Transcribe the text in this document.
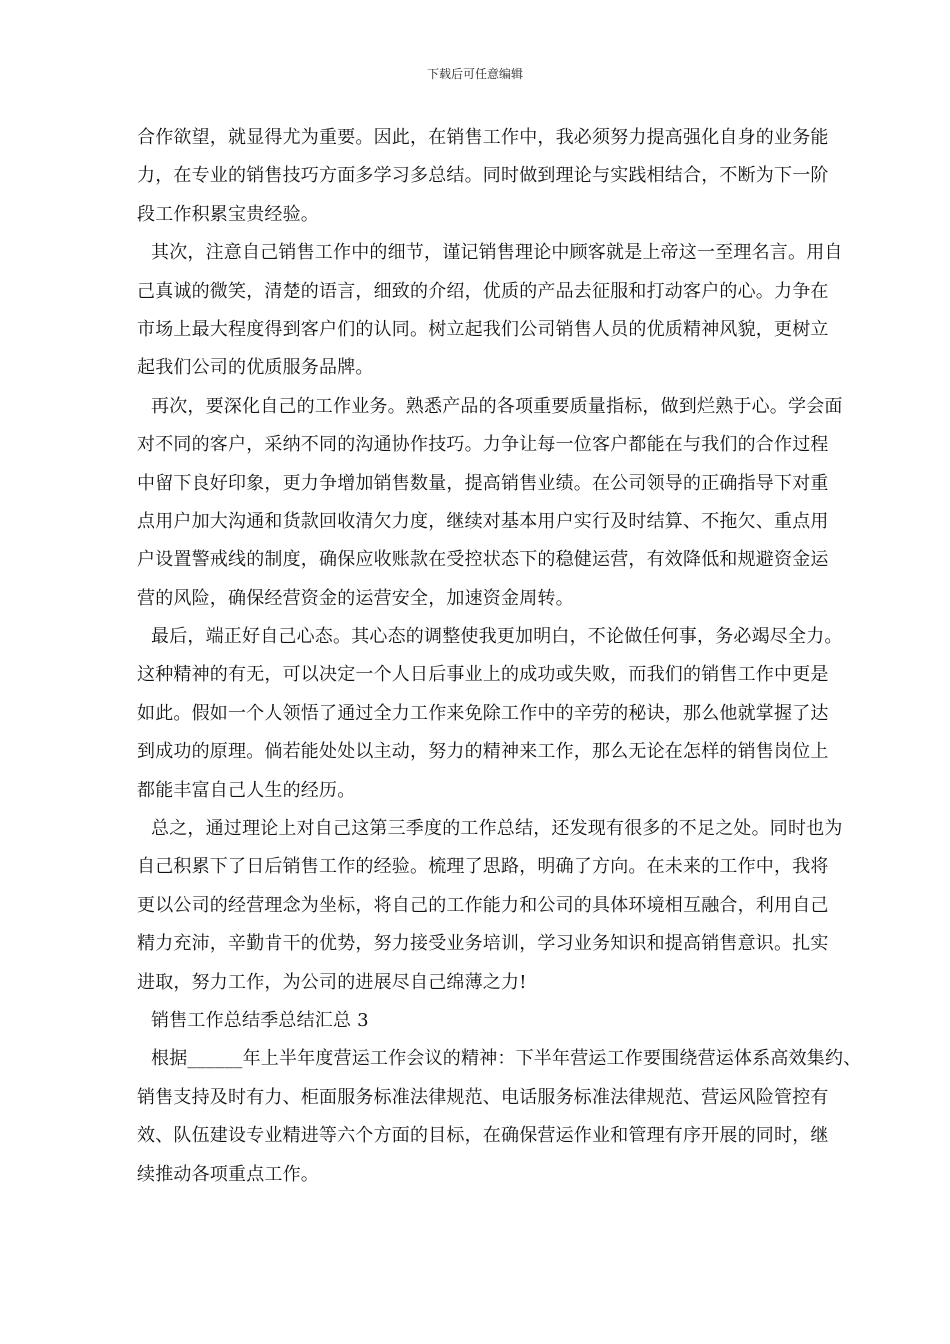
下载后可任意编辑
合作欲望，就显得尤为重要。因此，在销售工作中，我必须努力提高强化自身的业务能
力，在专业的销售技巧方面多学习多总结。同时做到理论与实践相结合，不断为下一阶
段工作积累宝贵经验。
其次，注意自己销售工作中的细节，谨记销售理论中顾客就是上帝这一至理名言。用自
己真诚的微笑，清楚的语言，细致的介绍，优质的产品去征服和打动客户的心。力争在
市场上最大程度得到客户们的认同。树立起我们公司销售人员的优质精神风貌，更树立
起我们公司的优质服务品牌。
再次，要深化自己的工作业务。熟悉产品的各项重要质量指标，做到烂熟于心。学会面
对不同的客户，采纳不同的沟通协作技巧。力争让每一位客户都能在与我们的合作过程
中留下良好印象，更力争增加销售数量，提高销售业绩。在公司领导的正确指导下对重
点用户加大沟通和货款回收清欠力度，继续对基本用户实行及时结算、不拖欠、重点用
户设置警戒线的制度，确保应收账款在受控状态下的稳健运营，有效降低和规避资金运
营的风险，确保经营资金的运营安全，加速资金周转。
最后，端正好自己心态。其心态的调整使我更加明白，不论做任何事，务必竭尽全力。
这种精神的有无，可以决定一个人日后事业上的成功或失败，而我们的销售工作中更是
如此。假如一个人领悟了通过全力工作来免除工作中的辛劳的秘诀，那么他就掌握了达
到成功的原理。倘若能处处以主动，努力的精神来工作，那么无论在怎样的销售岗位上
都能丰富自己人生的经历。
总之，通过理论上对自己这第三季度的工作总结，还发现有很多的不足之处。同时也为
自己积累下了日后销售工作的经验。梳理了思路，明确了方向。在未来的工作中，我将
更以公司的经营理念为坐标，将自己的工作能力和公司的具体环境相互融合，利用自己
精力充沛，辛勤肯干的优势，努力接受业务培训，学习业务知识和提高销售意识。扎实
进取，努力工作，为公司的进展尽自己绵薄之力!
销售工作总结季总结汇总 3
根据______年上半年度营运工作会议的精神：下半年营运工作要围绕营运体系高效集约、
销售支持及时有力、柜面服务标准法律规范、电话服务标准法律规范、营运风险管控有
效、队伍建设专业精进等六个方面的目标，在确保营运作业和管理有序开展的同时，继
续推动各项重点工作。
